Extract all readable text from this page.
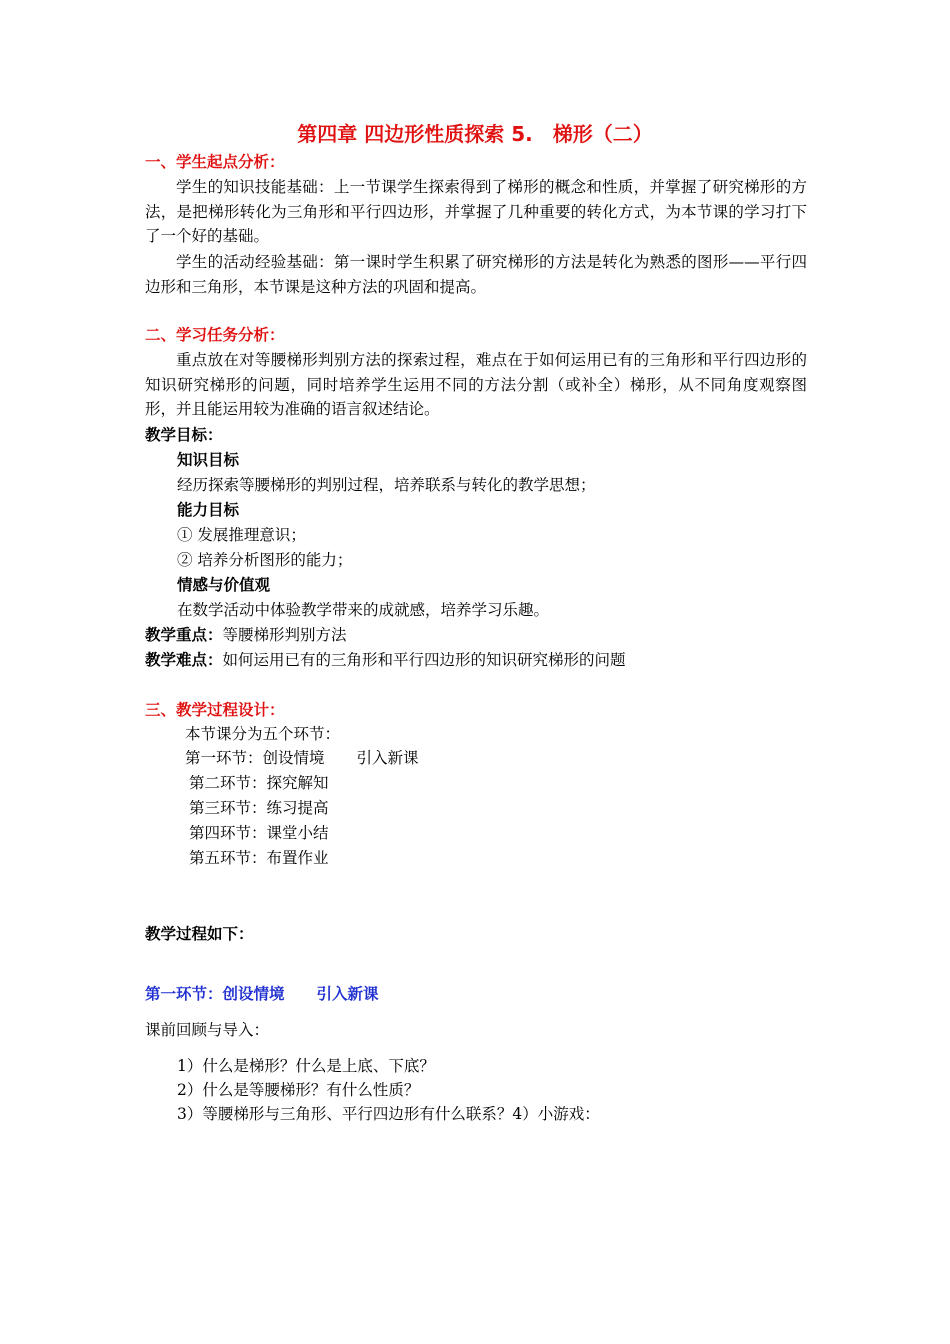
第四章 四边形性质探索 5.　梯形（二）
一、学生起点分析：
学生的知识技能基础：上一节课学生探索得到了梯形的概念和性质，并掌握了研究梯形的方法，是把梯形转化为三角形和平行四边形，并掌握了几种重要的转化方式，为本节课的学习打下了一个好的基础。
学生的活动经验基础：第一课时学生积累了研究梯形的方法是转化为熟悉的图形——平行四边形和三角形，本节课是这种方法的巩固和提高。
二、学习任务分析：
重点放在对等腰梯形判别方法的探索过程，难点在于如何运用已有的三角形和平行四边形的知识研究梯形的问题，同时培养学生运用不同的方法分割（或补全）梯形，从不同角度观察图形，并且能运用较为准确的语言叙述结论。
教学目标：
知识目标
经历探索等腰梯形的判别过程，培养联系与转化的教学思想；
能力目标
① 发展推理意识；
② 培养分析图形的能力；
情感与价值观
在数学活动中体验教学带来的成就感，培养学习乐趣。
教学重点：等腰梯形判别方法
教学难点：如何运用已有的三角形和平行四边形的知识研究梯形的问题
三、教学过程设计：
本节课分为五个环节：
第一环节：创设情境 引入新课
第二环节：探究解知
第三环节：练习提高
第四环节：课堂小结
第五环节：布置作业
教学过程如下：
第一环节：创设情境 引入新课
课前回顾与导入：
1）什么是梯形？什么是上底、下底？
2）什么是等腰梯形？有什么性质？
3）等腰梯形与三角形、平行四边形有什么联系？4）小游戏：
